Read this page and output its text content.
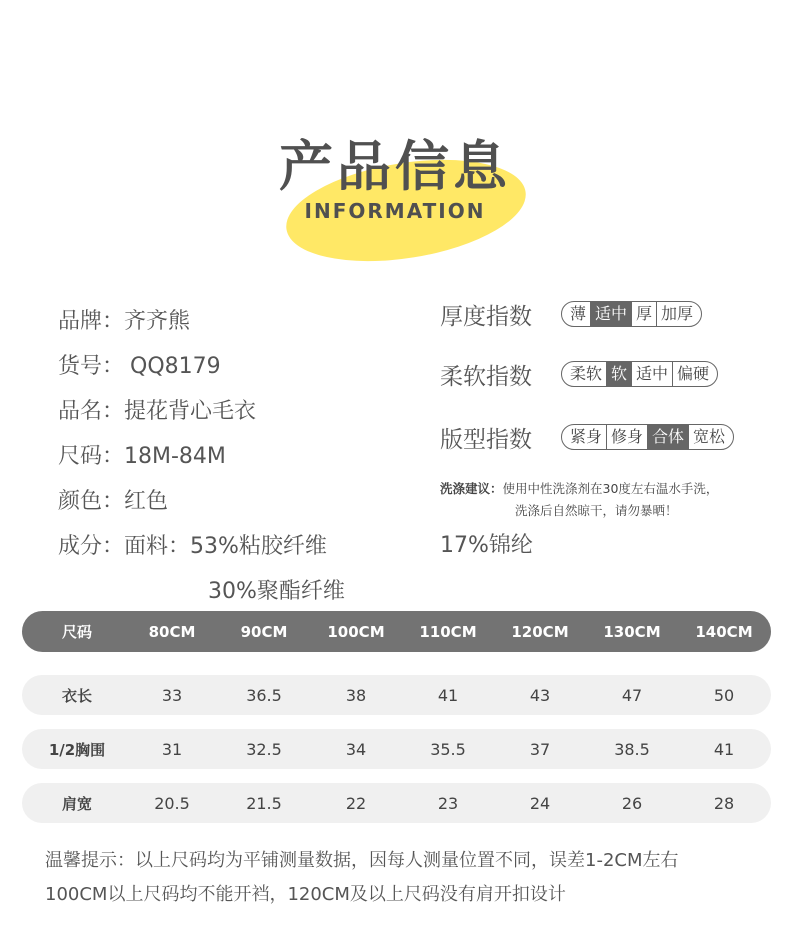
产品信息
INFORMATION
品牌：齐齐熊
货号： QQ8179
品名：提花背心毛衣
尺码：18M-84M
颜色：红色
成分：面料：53%粘胶纤维
30%聚酯纤维
厚度指数	薄 适中 厚 加厚
柔软指数	柔软 软 适中 偏硬
版型指数	紧身 修身 合体 宽松
洗涤建议：使用中性洗涤剂在30度左右温水手洗，
洗涤后自然晾干，请勿暴晒！
17%锦纶
尺码	80CM	90CM	100CM	110CM	120CM	130CM	140CM
衣长	33	36.5	38	41	43	47	50
1/2胸围	31	32.5	34	35.5	37	38.5	41
肩宽	20.5	21.5	22	23	24	26	28
温馨提示：以上尺码均为平铺测量数据，因每人测量位置不同，误差1-2CM左右
100CM以上尺码均不能开裆，120CM及以上尺码没有肩开扣设计
